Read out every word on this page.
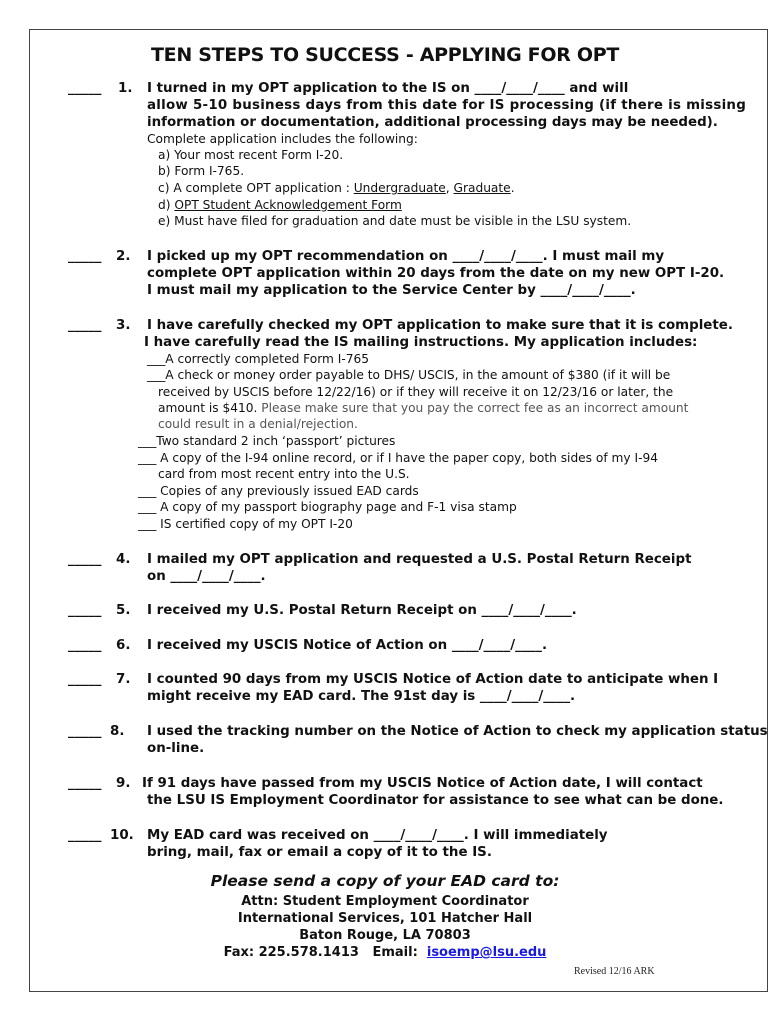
TEN STEPS TO SUCCESS - APPLYING FOR OPT
_____ 1. I turned in my OPT application to the IS on ____/____/____ and will
allow 5-10 business days from this date for IS processing (if there is missing
information or documentation, additional processing days may be needed).
Complete application includes the following:
a) Your most recent Form I-20.
b) Form I-765.
c) A complete OPT application : Undergraduate, Graduate.
d) OPT Student Acknowledgement Form
e) Must have filed for graduation and date must be visible in the LSU system.
_____ 2. I picked up my OPT recommendation on ____/____/____. I must mail my
complete OPT application within 20 days from the date on my new OPT I-20.
I must mail my application to the Service Center by ____/____/____.
_____ 3. I have carefully checked my OPT application to make sure that it is complete.
I have carefully read the IS mailing instructions. My application includes:
___A correctly completed Form I-765
___A check or money order payable to DHS/ USCIS, in the amount of $380 (if it will be
received by USCIS before 12/22/16) or if they will receive it on 12/23/16 or later, the
amount is $410. Please make sure that you pay the correct fee as an incorrect amount
could result in a denial/rejection.
___Two standard 2 inch ‘passport’ pictures
___ A copy of the I-94 online record, or if I have the paper copy, both sides of my I-94
card from most recent entry into the U.S.
___ Copies of any previously issued EAD cards
___ A copy of my passport biography page and F-1 visa stamp
___ IS certified copy of my OPT I-20
_____ 4. I mailed my OPT application and requested a U.S. Postal Return Receipt
on ____/____/____.
_____ 5. I received my U.S. Postal Return Receipt on ____/____/____.
_____ 6. I received my USCIS Notice of Action on ____/____/____.
_____ 7. I counted 90 days from my USCIS Notice of Action date to anticipate when I
might receive my EAD card. The 91st day is ____/____/____.
_____ 8. I used the tracking number on the Notice of Action to check my application status
on-line.
_____ 9. If 91 days have passed from my USCIS Notice of Action date, I will contact
the LSU IS Employment Coordinator for assistance to see what can be done.
_____ 10. My EAD card was received on ____/____/____. I will immediately
bring, mail, fax or email a copy of it to the IS.
Please send a copy of your EAD card to:
Attn: Student Employment Coordinator
International Services, 101 Hatcher Hall
Baton Rouge, LA 70803
Fax: 225.578.1413   Email:  isoemp@lsu.edu
Revised 12/16 ARK
